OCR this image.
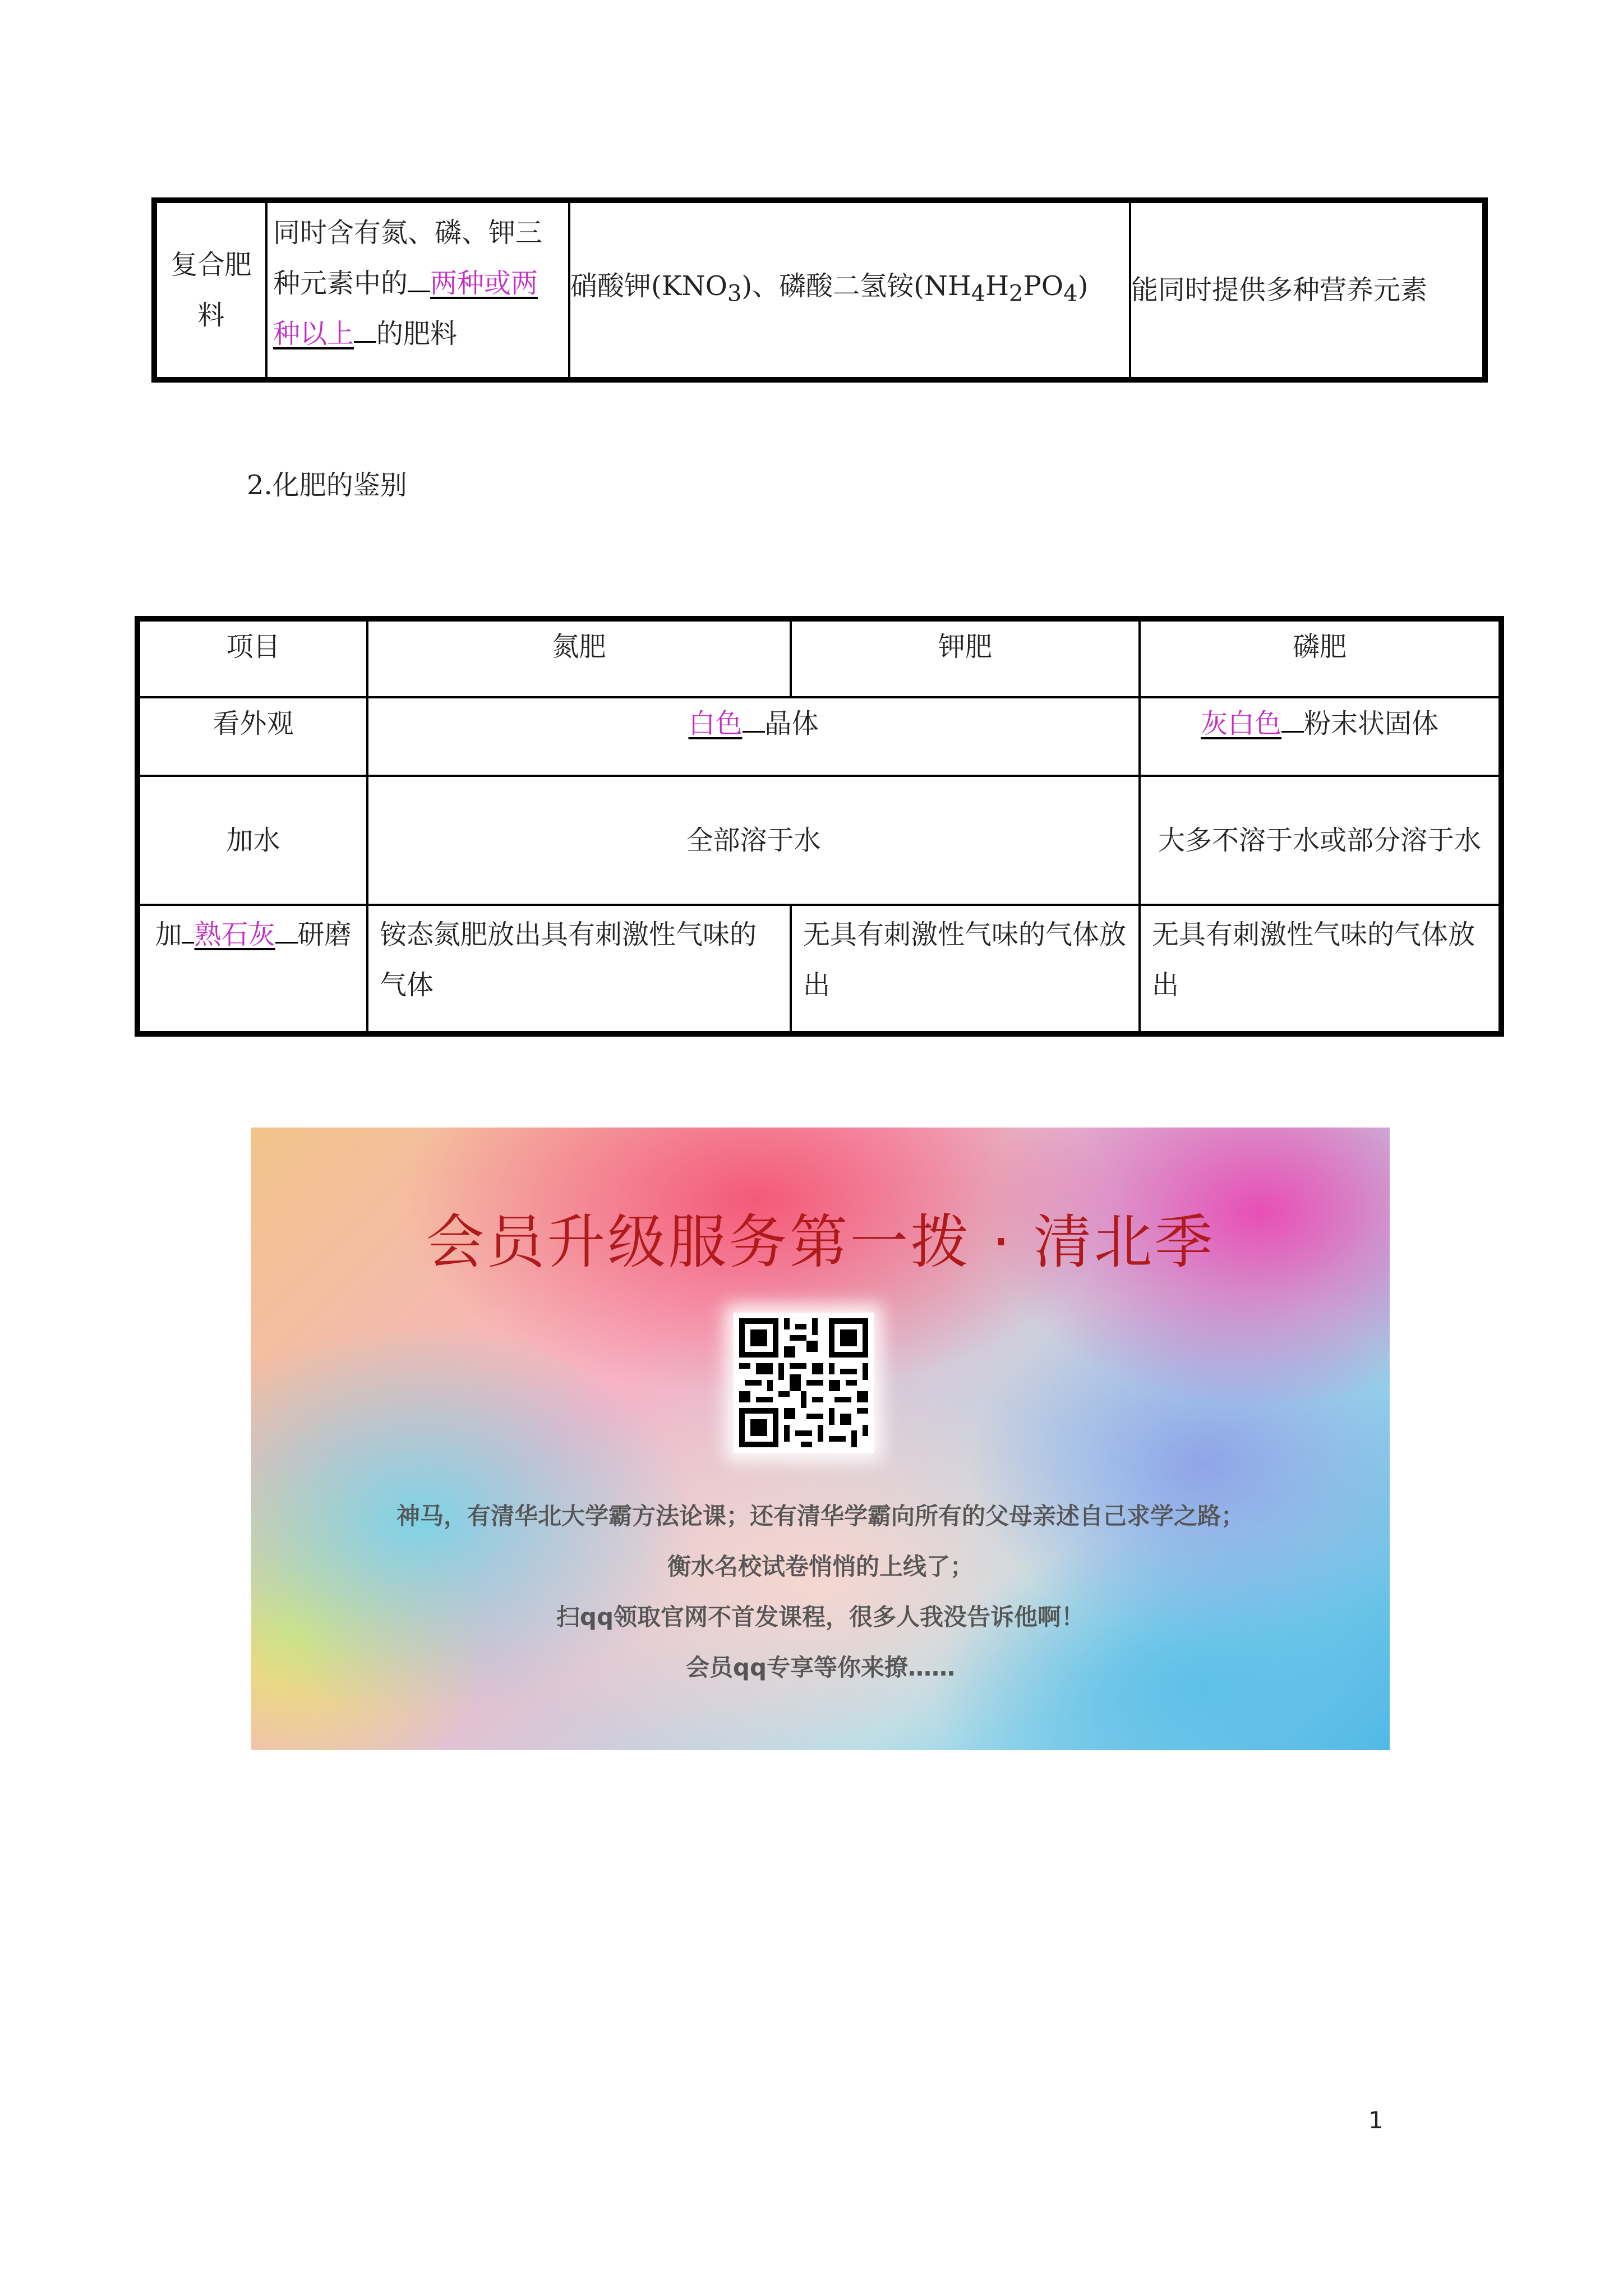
复合肥料	同时含有氮、磷、钾三种元素中的 两种或两种以上 的肥料	硝酸钾$(KNO_3)$、磷酸二氢铵$(NH_4H_2PO_4)$	能同时提供多种营养元素
2.化肥的鉴别
项目	氮肥	钾肥	磷肥
看外观	白色 晶体		灰白色 粉末状固体
加水	全部溶于水		大多不溶于水或部分溶于水
加 熟石灰 研磨	铵态氮肥放出具有刺激性气味的气体	无具有刺激性气味的气体放出	无具有刺激性气味的气体放出
会员升级服务第一拨 · 清北季
神马，有清华北大学霸方法论课；还有清华学霸向所有的父母亲述自己求学之路；
衡水名校试卷悄悄的上线了；
扫qq领取官网不首发课程，很多人我没告诉他啊！
会员qq专享等你来撩……
1
